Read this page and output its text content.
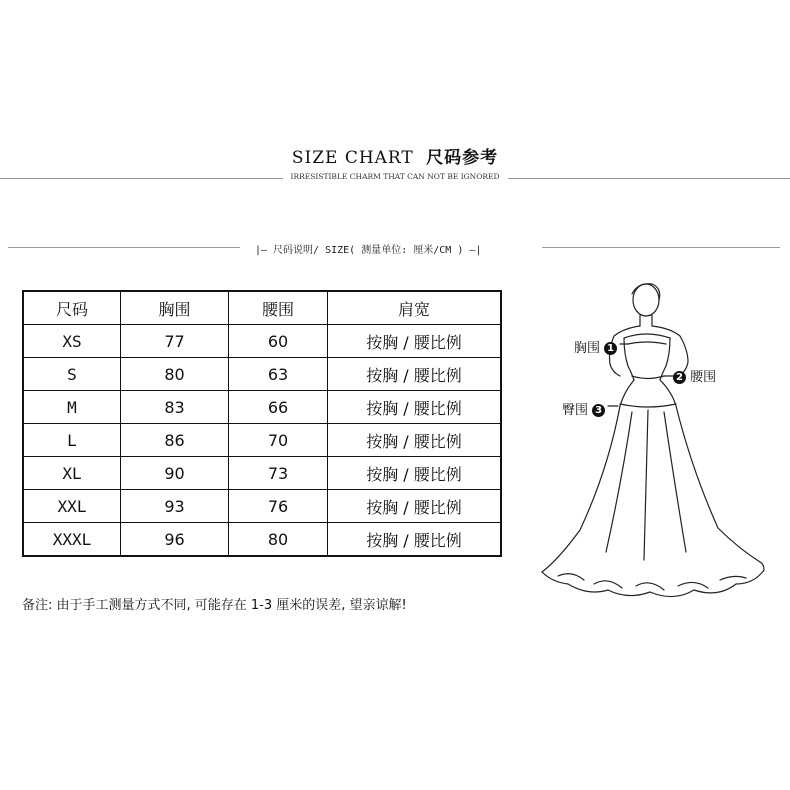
SIZE CHART 尺码参考
IRRESISTIBLE CHARM THAT CAN NOT BE IGNORED
|— 尺码说明/ SIZE( 测量单位: 厘米/CM ) —|
尺码	胸围	腰围	肩宽
XS	77	60	按胸 / 腰比例
S	80	63	按胸 / 腰比例
M	83	66	按胸 / 腰比例
L	86	70	按胸 / 腰比例
XL	90	73	按胸 / 腰比例
XXL	93	76	按胸 / 腰比例
XXXL	96	80	按胸 / 腰比例
备注: 由于手工测量方式不同, 可能存在 1-3 厘米的误差, 望亲谅解!
胸围 1
2 腰围
臀围 3
